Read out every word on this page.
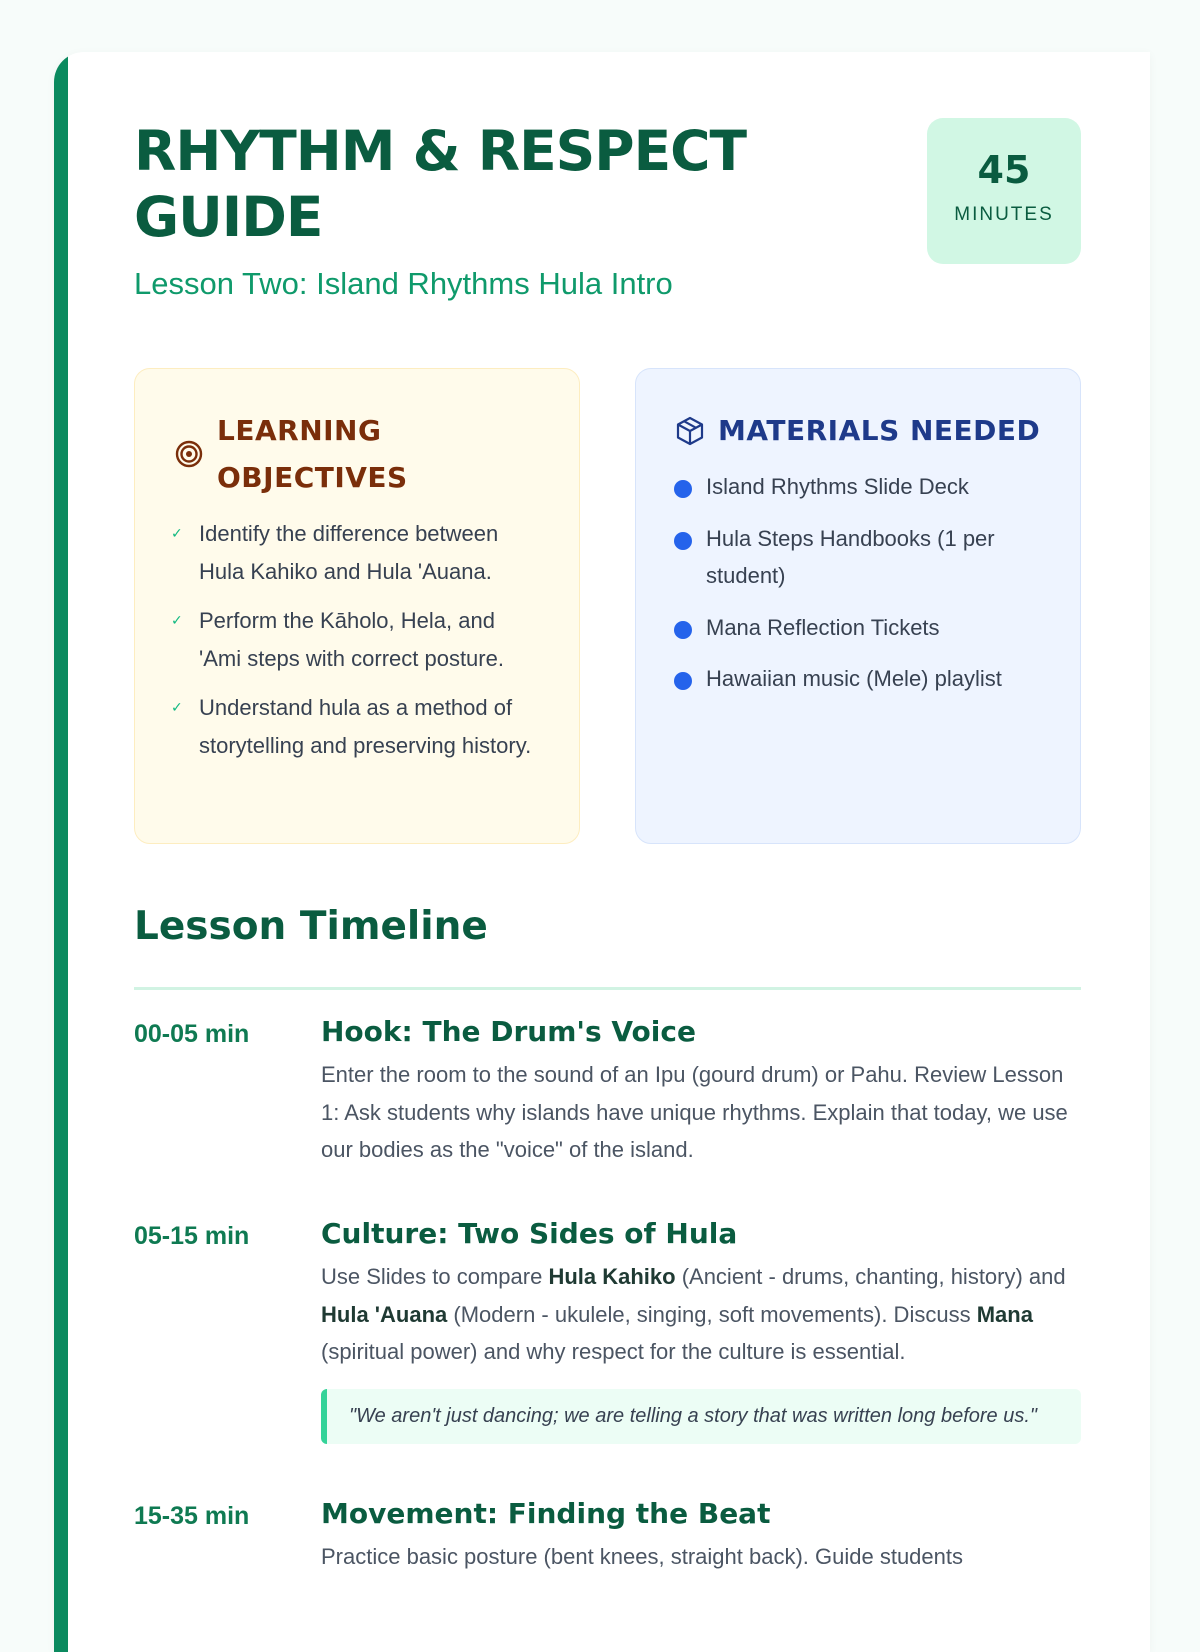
RHYTHM & RESPECT GUIDE
Lesson Two: Island Rhythms Hula Intro
45
MINUTES
LEARNING OBJECTIVES
✓ Identify the difference between Hula Kahiko and Hula 'Auana.
✓ Perform the Kāholo, Hela, and 'Ami steps with correct posture.
✓ Understand hula as a method of storytelling and preserving history.
MATERIALS NEEDED
Island Rhythms Slide Deck
Hula Steps Handbooks (1 per student)
Mana Reflection Tickets
Hawaiian music (Mele) playlist
Lesson Timeline
00-05 min	Hook: The Drum's Voice

Enter the room to the sound of an Ipu (gourd drum) or Pahu. Review Lesson 1: Ask students why islands have unique rhythms. Explain that today, we use our bodies as the "voice" of the island.

05-15 min	Culture: Two Sides of Hula

Use Slides to compare Hula Kahiko (Ancient - drums, chanting, history) and Hula 'Auana (Modern - ukulele, singing, soft movements). Discuss Mana (spiritual power) and why respect for the culture is essential.

"We aren't just dancing; we are telling a story that was written long before us."
15-35 min	Movement: Finding the Beat

Practice basic posture (bent knees, straight back). Guide students
